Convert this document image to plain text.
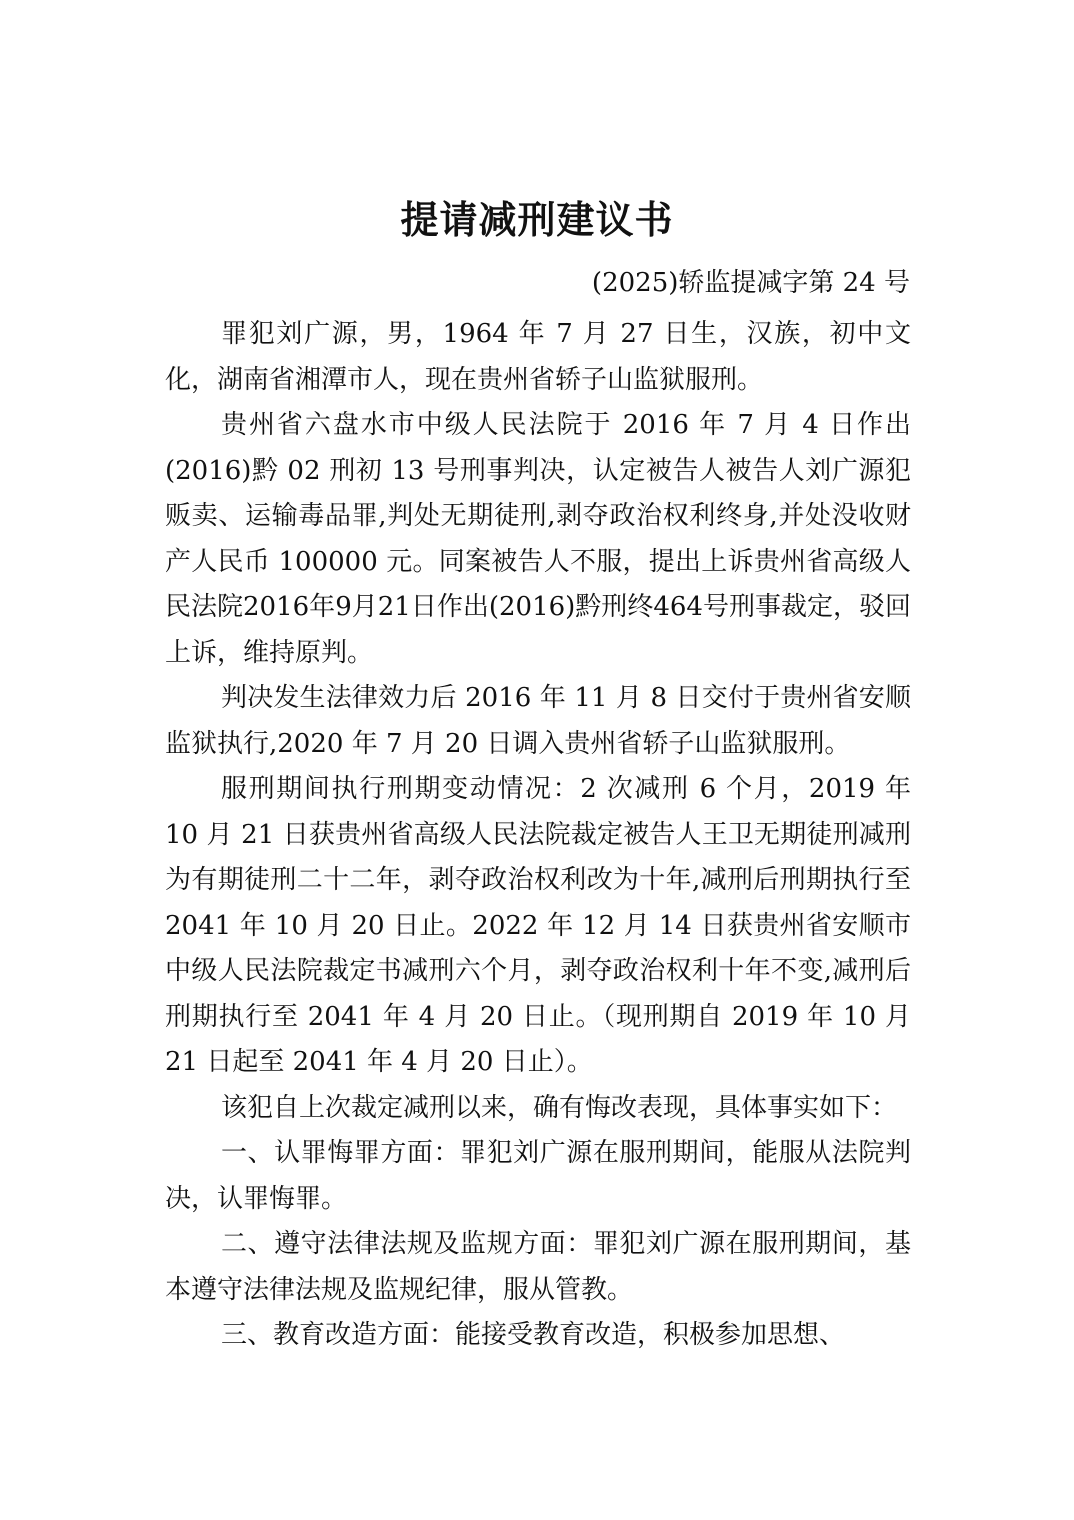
提请减刑建议书

(2025)轿监提减字第 24 号

罪犯刘广源，男，1964 年 7 月 27 日生，汉族，初中文化，湖南省湘潭市人，现在贵州省轿子山监狱服刑。

贵州省六盘水市中级人民法院于 2016 年 7 月 4 日作出(2016)黔 02 刑初 13 号刑事判决，认定被告人被告人刘广源犯贩卖、运输毒品罪,判处无期徒刑,剥夺政治权利终身,并处没收财产人民币 100000 元。同案被告人不服，提出上诉贵州省高级人民法院2016年9月21日作出(2016)黔刑终464号刑事裁定，驳回上诉，维持原判。

判决发生法律效力后 2016 年 11 月 8 日交付于贵州省安顺监狱执行,2020 年 7 月 20 日调入贵州省轿子山监狱服刑。

服刑期间执行刑期变动情况：2 次减刑 6 个月，2019 年 10 月 21 日获贵州省高级人民法院裁定被告人王卫无期徒刑减刑为有期徒刑二十二年，剥夺政治权利改为十年,减刑后刑期执行至 2041 年 10 月 20 日止。2022 年 12 月 14 日获贵州省安顺市中级人民法院裁定书减刑六个月，剥夺政治权利十年不变,减刑后刑期执行至 2041 年 4 月 20 日止。（现刑期自 2019 年 10 月 21 日起至 2041 年 4 月 20 日止）。

该犯自上次裁定减刑以来，确有悔改表现，具体事实如下：

一、认罪悔罪方面：罪犯刘广源在服刑期间，能服从法院判决，认罪悔罪。

二、遵守法律法规及监规方面：罪犯刘广源在服刑期间，基本遵守法律法规及监规纪律，服从管教。

三、教育改造方面：能接受教育改造，积极参加思想、
